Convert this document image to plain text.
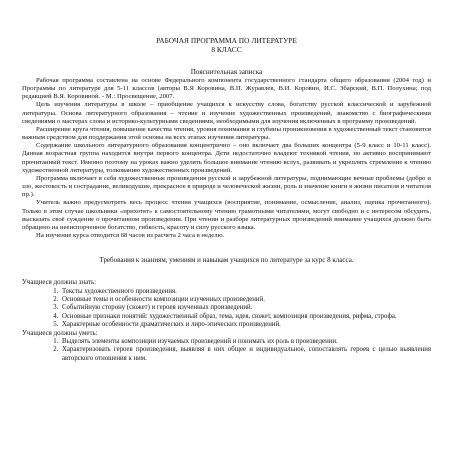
РАБОЧАЯ ПРОГРАММА ПО ЛИТЕРАТУРЕ
8 КЛАСС
Пояснительная записка

Рабочая программа составлена на основе Федерального компонента государственного стандарта общего образования (2004 год) и Программы по литературе для 5-11 классов (авторы В.Я Коровина, В.П. Журавлев, В.И. Коровин, И.С. Збарский, В.П. Полухина; под редакцией В.Я. Коровиной. - М.: Просвещение, 2007.

Цель изучения литературы в школе – приобщение учащихся к искусству слова, богатству русской классической и зарубежной литературы. Основа литературного образования – чтение и изучение художественных произведений, знакомство с биографическими сведениями о мастерах слова и историко-культурными сведениями, необходимыми для изучения включенных в программу произведений.

Расширение круга чтения, повышение качества чтения, уровня понимания и глубины проникновения в художественный текст становится важным средством для поддержания этой основы на всех этапах изучения литературы.

Содержание школьного литературного образования концентрично – оно включает два больших концентра (5-9 класс и 10-11 класс). Данная возрастная группа находится внутри первого концентра. Дети недостаточно владеют техникой чтения, но активно воспринимают прочитанный текст. Именно поэтому на уроках важно уделять большое внимание чтению вслух, развивать и укреплять стремление к чтению художественной литературы, толкованию художественных произведений.

Программа включает в себя художественные произведения русской и зарубежной литературы, поднимающие вечные проблемы (добро и зло, жестокость и сострадание, великодушие, прекрасное в природе и человеческой жизни, роль и значение книги в жизни писателя и читателя пр.).

Учитель важно предусмотреть весь процесс чтения учащихся (восприятие, понимание, осмысление, анализ, оценка прочитанного). Только в этом случае школьники «прихотят» к самостоятельному чтению грамотными читателями, могут свободно и с интересом обсудить, высказать своё суждение о прочитанном произведении. При чтении и разборе литературных произведений внимание учащихся должно быть обращено на нееиспорченное богатство, гибкость, красоту и силу русского языка.

На изучение курса отводится 68 часов из расчета 2 часа в неделю.

Требования к знаниям, умениям и навыкам учащихся по литературе за курс 8 класса.
Учащиеся должны знать:
1. Тексты художественного произведения.
2. Основные темы и особенности композиции изученных произведений.
3. Событийную сторону (сюжет) и героев изученных произведений.
4. Основные признаки понятий: художественный образ, тема, идея, сюжет, композиция произведения, рифма, строфа.
5. Характерные особенности драматических и лиро-эпических произведений.
Учащиеся должны уметь:
1. Выделять элементы композиции изучаемых произведений и понимать их роль в произведении.
2. Характеризовать героев произведения, выявляя в них общее и индивидуальное, сопоставлять героев с целью выявления авторского отношения к ним.
